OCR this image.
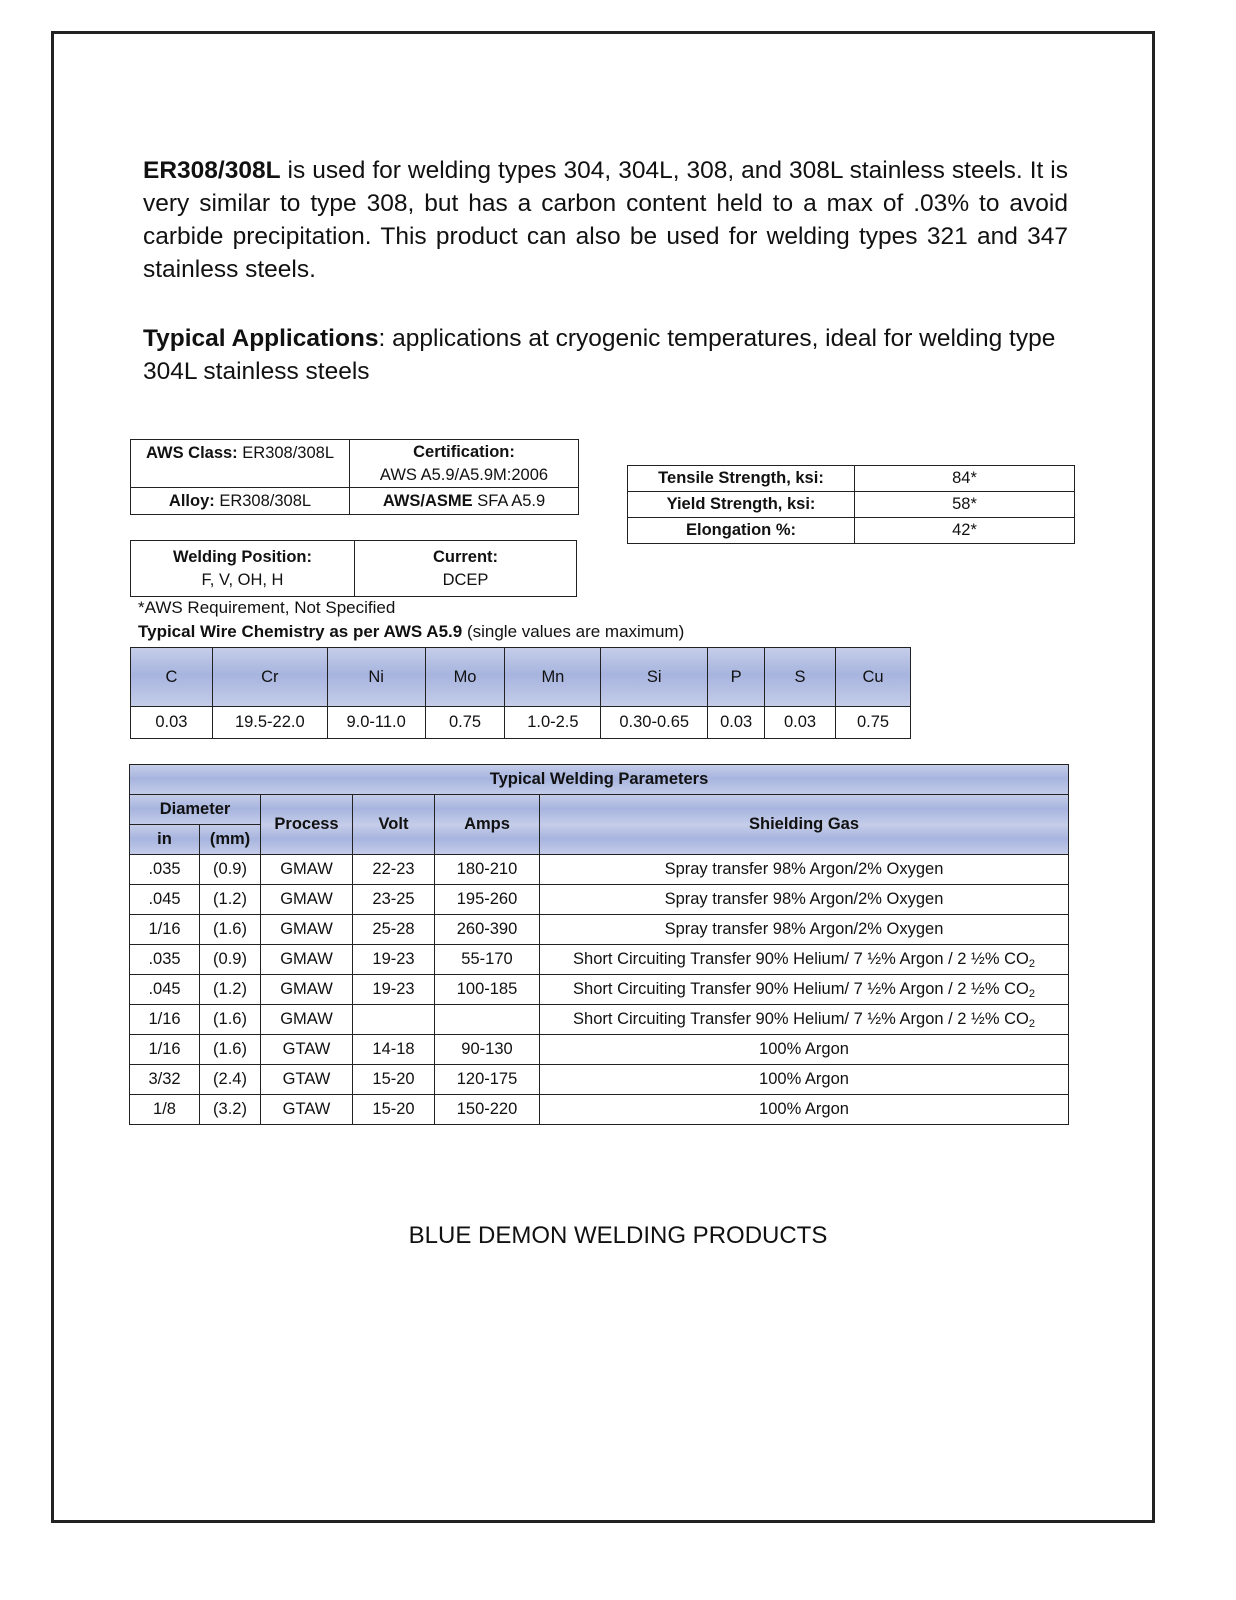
ER308/308L is used for welding types 304, 304L, 308, and 308L stainless steels. It is very similar to type 308, but has a carbon content held to a max of .03% to avoid carbide precipitation. This product can also be used for welding types 321 and 347 stainless steels.

Typical Applications: applications at cryogenic temperatures, ideal for welding type 304L stainless steels

AWS Class: ER308/308L	Certification:
AWS A5.9/A5.9M:2006

Alloy: ER308/308L	AWS/ASME SFA A5.9
Tensile Strength, ksi:	84*
Yield Strength, ksi:	58*
Elongation %:	42*
Welding Position:
F, V, OH, H

Current:
DCEP

*AWS Requirement, Not Specified

Typical Wire Chemistry as per AWS A5.9 (single values are maximum)

C	Cr	Ni	Mo	Mn	Si	P	S	Cu
0.03	19.5-22.0	9.0-11.0	0.75	1.0-2.5	0.30-0.65	0.03	0.03	0.75
Typical Welding Parameters					
Diameter		Process	Volt	Amps	Shielding Gas
in	(mm)				
.035	(0.9)	GMAW	22-23	180-210	Spray transfer 98% Argon/2% Oxygen
.045	(1.2)	GMAW	23-25	195-260	Spray transfer 98% Argon/2% Oxygen
1/16	(1.6)	GMAW	25-28	260-390	Spray transfer 98% Argon/2% Oxygen
.035	(0.9)	GMAW	19-23	55-170	Short Circuiting Transfer 90% Helium/ 7 ½% Argon / 2 ½% $CO_2$
.045	(1.2)	GMAW	19-23	100-185	Short Circuiting Transfer 90% Helium/ 7 ½% Argon / 2 ½% $CO_2$
1/16	(1.6)	GMAW			Short Circuiting Transfer 90% Helium/ 7 ½% Argon / 2 ½% $CO_2$
1/16	(1.6)	GTAW	14-18	90-130	100% Argon
3/32	(2.4)	GTAW	15-20	120-175	100% Argon
1/8	(3.2)	GTAW	15-20	150-220	100% Argon

BLUE DEMON WELDING PRODUCTS
